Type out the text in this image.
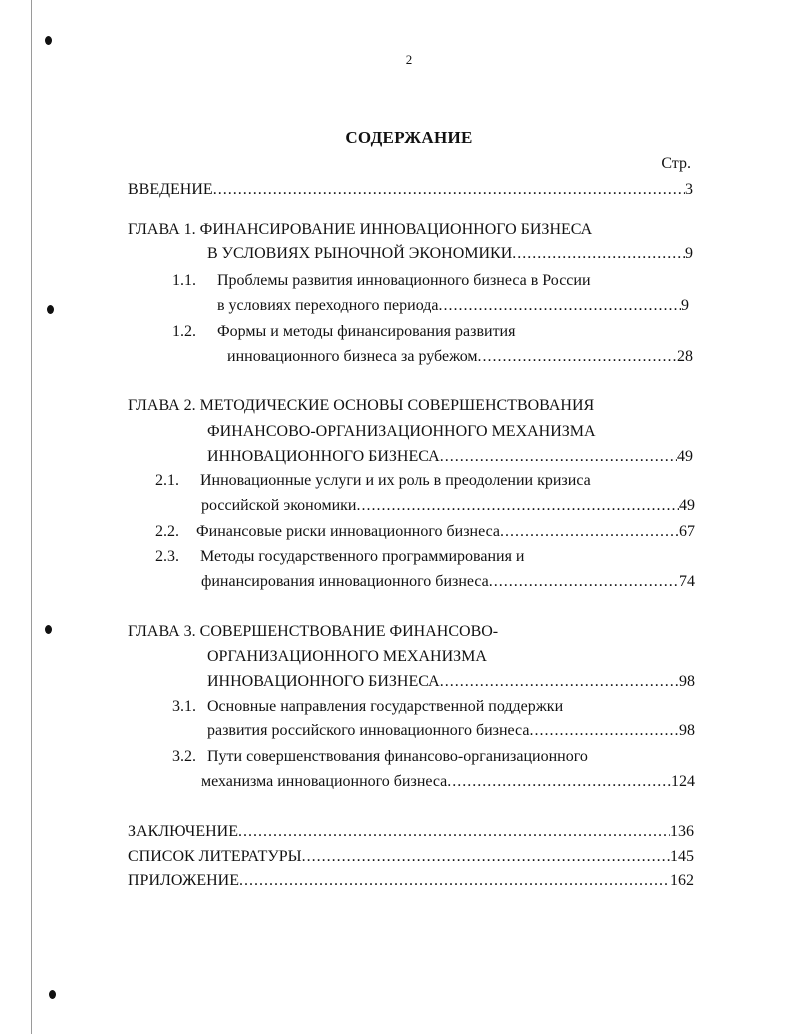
2
СОДЕРЖАНИЕ
Стр.
ВВЕДЕНИЕ	3
.....
ГЛАВА 1. ФИНАНСИРОВАНИЕ ИННОВАЦИОННОГО БИЗНЕСА
В УСЛОВИЯХ РЫНОЧНОЙ ЭКОНОМИКИ	9
.....
1.1. Проблемы развития инновационного бизнеса в России
в условиях переходного периода	9
.....
1.2. Формы и методы финансирования развития
инновационного бизнеса за рубежом	28
.....
ГЛАВА 2. МЕТОДИЧЕСКИЕ ОСНОВЫ СОВЕРШЕНСТВОВАНИЯ
ФИНАНСОВО-ОРГАНИЗАЦИОННОГО МЕХАНИЗМА
ИННОВАЦИОННОГО БИЗНЕСА	49
.....
2.1. Инновационные услуги и их роль в преодолении кризиса
российской экономики	49
.....
2.2. Финансовые риски инновационного бизнеса	67
.....
2.3. Методы государственного программирования и
финансирования инновационного бизнеса	74
.....
ГЛАВА 3. СОВЕРШЕНСТВОВАНИЕ ФИНАНСОВО-
ОРГАНИЗАЦИОННОГО МЕХАНИЗМА
ИННОВАЦИОННОГО БИЗНЕСА	98
.....
3.1. Основные направления государственной поддержки
развития российского инновационного бизнеса	98
.....
3.2. Пути совершенствования финансово-организационного
механизма инновационного бизнеса	124
.....
ЗАКЛЮЧЕНИЕ	136
.....
СПИСОК ЛИТЕРАТУРЫ	145
.....
ПРИЛОЖЕНИЕ	162
.....
